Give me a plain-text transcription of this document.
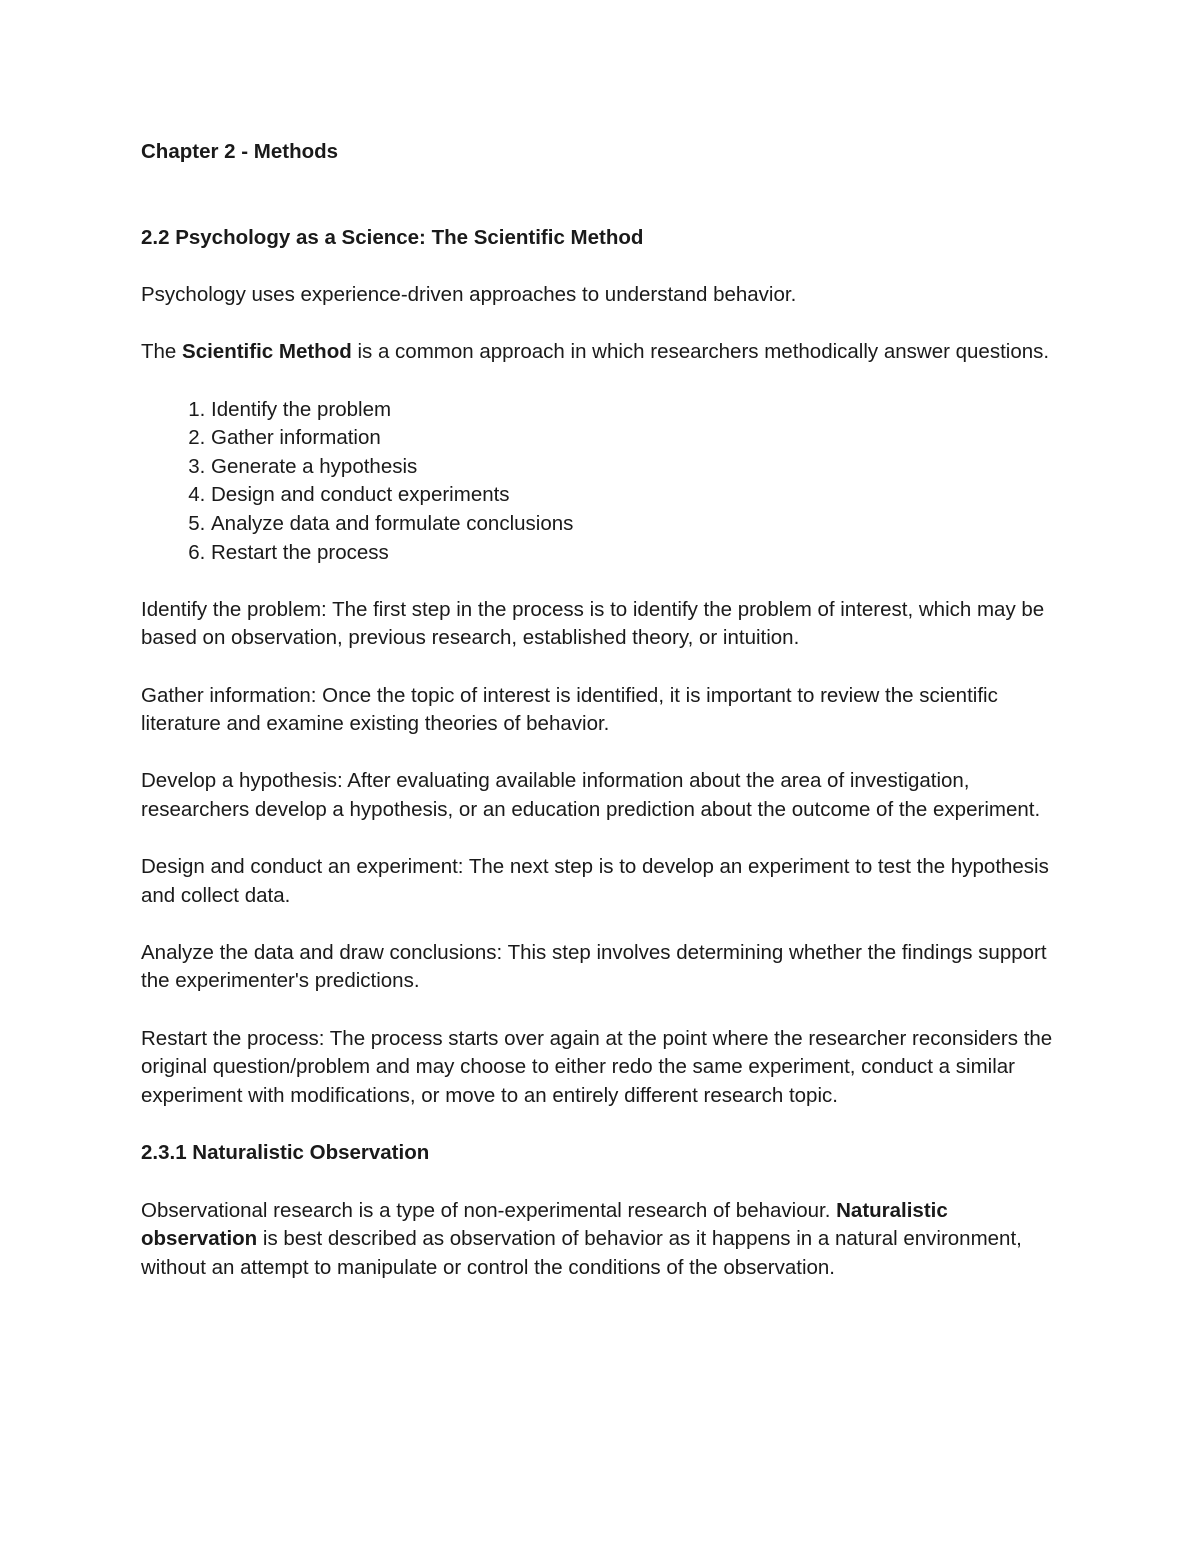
Chapter 2 - Methods

2.2 Psychology as a Science: The Scientific Method

Psychology uses experience-driven approaches to understand behavior.

The Scientific Method is a common approach in which researchers methodically answer questions.

1. Identify the problem
2. Gather information
3. Generate a hypothesis
4. Design and conduct experiments
5. Analyze data and formulate conclusions
6. Restart the process

Identify the problem: The first step in the process is to identify the problem of interest, which may be based on observation, previous research, established theory, or intuition.

Gather information: Once the topic of interest is identified, it is important to review the scientific literature and examine existing theories of behavior.

Develop a hypothesis: After evaluating available information about the area of investigation, researchers develop a hypothesis, or an education prediction about the outcome of the experiment.

Design and conduct an experiment: The next step is to develop an experiment to test the hypothesis and collect data.

Analyze the data and draw conclusions: This step involves determining whether the findings support the experimenter's predictions.

Restart the process: The process starts over again at the point where the researcher reconsiders the original question/problem and may choose to either redo the same experiment, conduct a similar experiment with modifications, or move to an entirely different research topic.

2.3.1 Naturalistic Observation

Observational research is a type of non-experimental research of behaviour. Naturalistic observation is best described as observation of behavior as it happens in a natural environment, without an attempt to manipulate or control the conditions of the observation.
